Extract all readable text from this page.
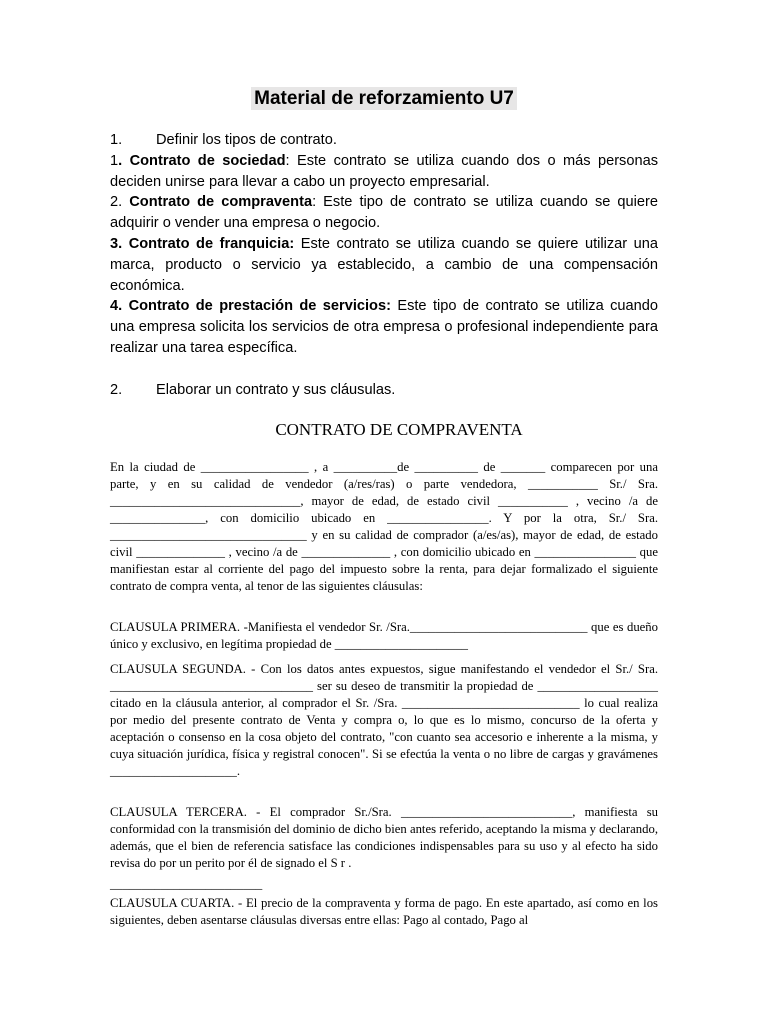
Material de reforzamiento U7
1.	Definir los tipos de contrato.

1. Contrato de sociedad: Este contrato se utiliza cuando dos o más personas deciden unirse para llevar a cabo un proyecto empresarial.

2. Contrato de compraventa: Este tipo de contrato se utiliza cuando se quiere adquirir o vender una empresa o negocio.

3. Contrato de franquicia: Este contrato se utiliza cuando se quiere utilizar una marca, producto o servicio ya establecido, a cambio de una compensación económica.

4. Contrato de prestación de servicios: Este tipo de contrato se utiliza cuando una empresa solicita los servicios de otra empresa o profesional independiente para realizar una tarea específica.

2.	Elaborar un contrato y sus cláusulas.
CONTRATO DE COMPRAVENTA

En la ciudad de _________________ , a __________de __________ de _______ comparecen por una parte, y en su calidad de vendedor (a/res/ras) o parte vendedora, ___________ Sr./ Sra. ______________________________, mayor de edad, de estado civil ___________ , vecino /a de _______________, con domicilio ubicado en ________________. Y por la otra, Sr./ Sra. _______________________________ y en su calidad de comprador (a/es/as), mayor de edad, de estado civil ______________ , vecino /a de ______________ , con domicilio ubicado en ________________ que manifiestan estar al corriente del pago del impuesto sobre la renta, para dejar formalizado el siguiente contrato de compra venta, al tenor de las siguientes cláusulas:

CLAUSULA PRIMERA. -Manifiesta el vendedor Sr. /Sra.____________________________ que es dueño único y exclusivo, en legítima propiedad de _____________________

CLAUSULA SEGUNDA. - Con los datos antes expuestos, sigue manifestando el vendedor el Sr./ Sra. ________________________________ ser su deseo de transmitir la propiedad de ___________________ citado en la cláusula anterior, al comprador el Sr. /Sra. ____________________________ lo cual realiza por medio del presente contrato de Venta y compra o, lo que es lo mismo, concurso de la oferta y aceptación o consenso en la cosa objeto del contrato, "con cuanto sea accesorio e inherente a la misma, y cuya situación jurídica, física y registral conocen". Si se efectúa la venta o no libre de cargas y gravámenes ____________________.

CLAUSULA TERCERA. - El comprador Sr./Sra. ___________________________, manifiesta su conformidad con la transmisión del dominio de dicho bien antes referido, aceptando la misma y declarando, además, que el bien de referencia satisface las condiciones indispensables para su uso y al efecto ha sido revisa do por un perito por él de signado el S r .

________________________

CLAUSULA CUARTA. - El precio de la compraventa y forma de pago. En este apartado, así como en los siguientes, deben asentarse cláusulas diversas entre ellas: Pago al contado, Pago al
